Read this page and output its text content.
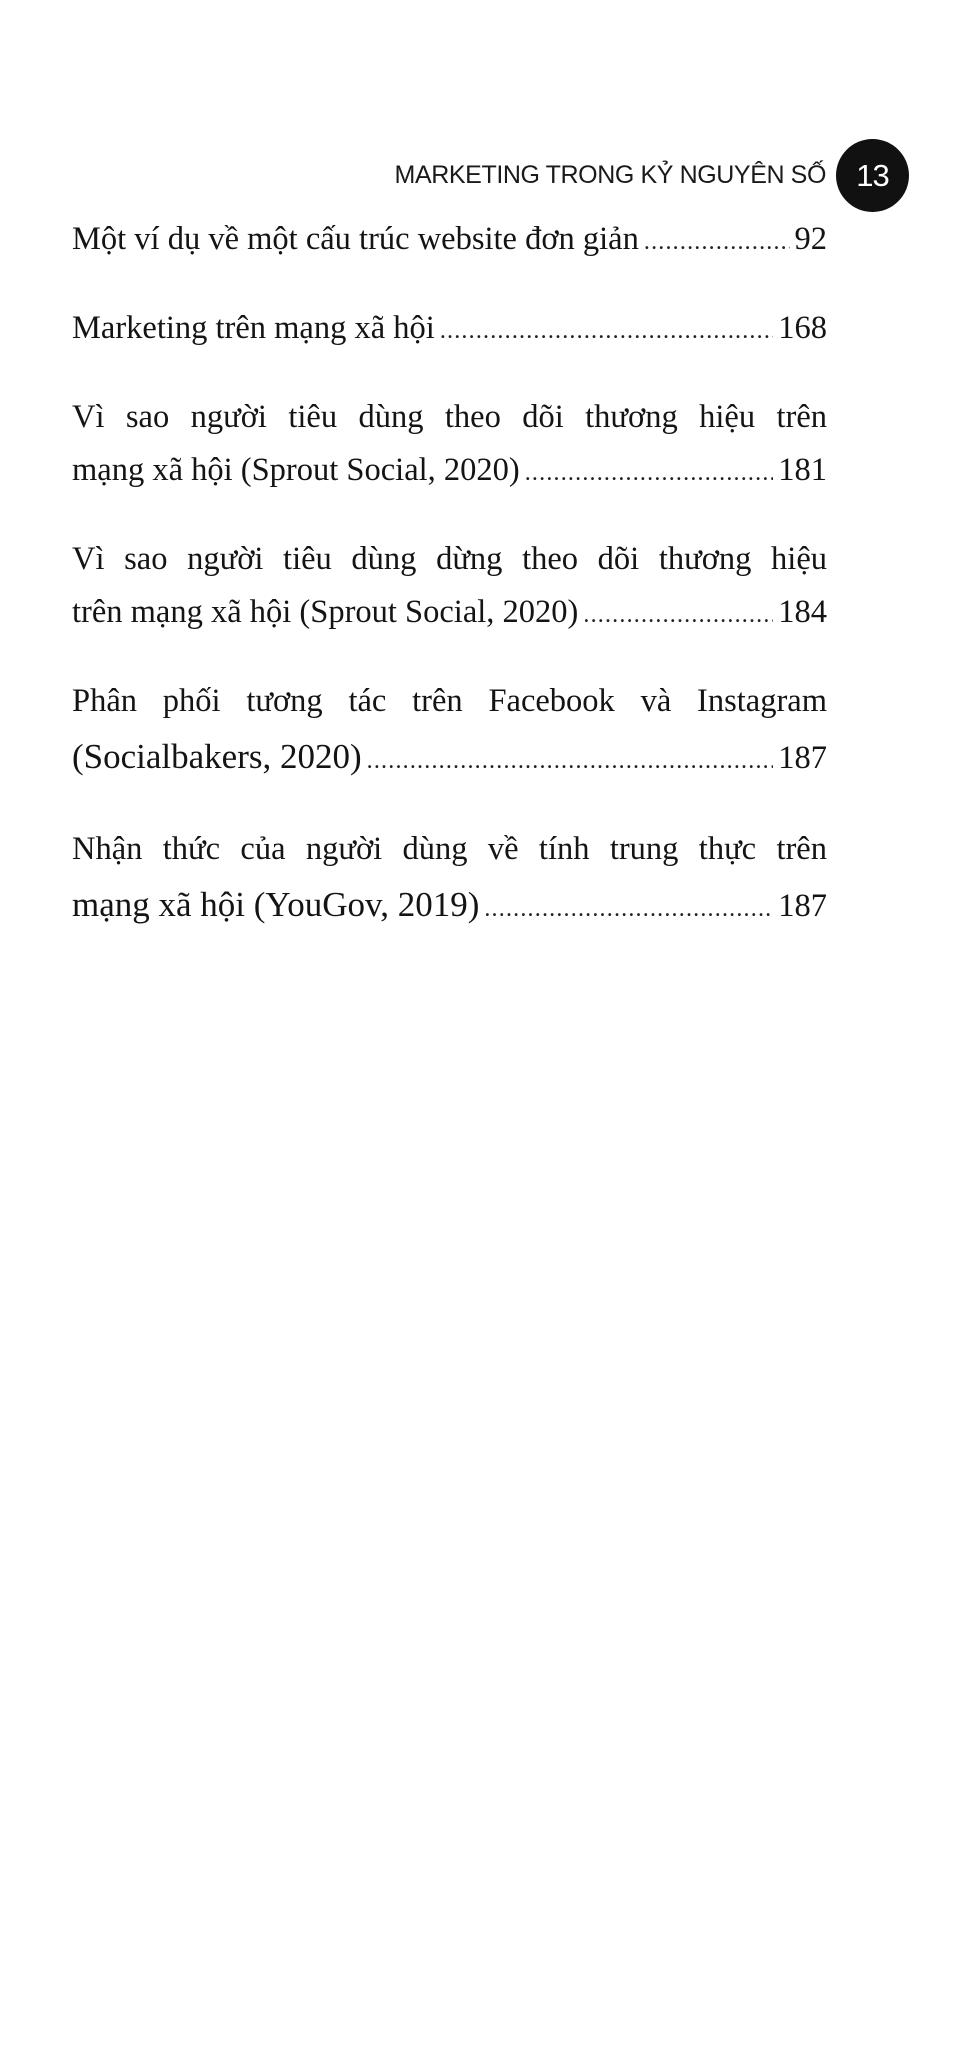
MARKETING TRONG KỶ NGUYÊN SỐ 13
Một ví dụ về một cấu trúc website đơn giản .....	92
Marketing trên mạng xã hội .....	168
Vì sao người tiêu dùng theo dõi thương hiệu trên
mạng xã hội (Sprout Social, 2020) .....	181
Vì sao người tiêu dùng dừng theo dõi thương hiệu
trên mạng xã hội (Sprout Social, 2020) .....	184
Phân phối tương tác trên Facebook và Instagram
(Socialbakers, 2020) .....	187
Nhận thức của người dùng về tính trung thực trên
mạng xã hội (YouGov, 2019) .....	187
